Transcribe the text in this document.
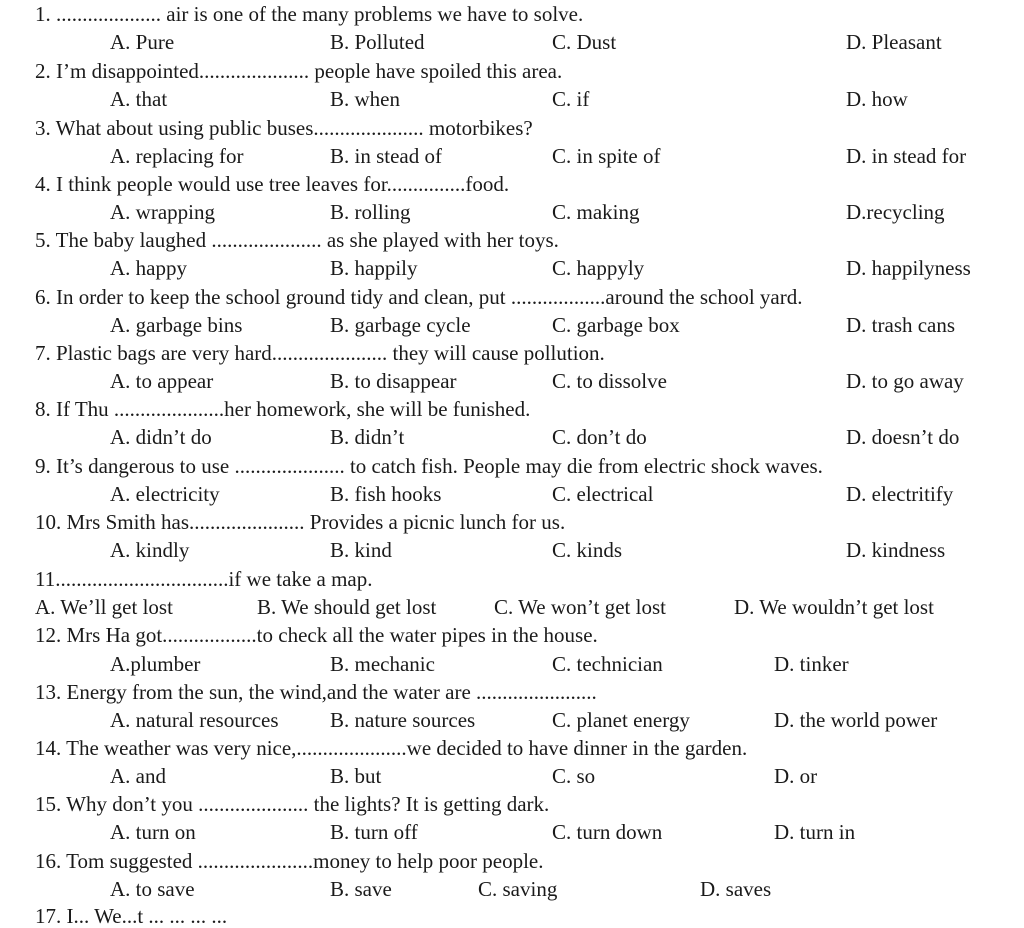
1. .................... air is one of the many problems we have to solve.
A. Pure	B. Polluted	C. Dust	D. Pleasant
2. I’m disappointed..................... people have spoiled this area.
A. that	B. when	C. if	D. how
3. What about using public buses..................... motorbikes?
A. replacing for	B. in stead of	C. in spite of	D. in stead for
4. I think people would use tree leaves for...............food.
A. wrapping	B. rolling	C. making	D.recycling
5. The baby laughed ..................... as she played with her toys.
A. happy	B. happily	C. happyly	D. happilyness
6. In order to keep the school ground tidy and clean, put ..................around the school yard.
A. garbage bins	B. garbage cycle	C. garbage box	D. trash cans
7. Plastic bags are very hard...................... they will cause pollution.
A. to appear	B. to disappear	C. to dissolve	D. to go away
8. If Thu .....................her homework, she will be funished.
A. didn’t do	B. didn’t	C. don’t do	D. doesn’t do
9. It’s dangerous to use ..................... to catch fish. People may die from electric shock waves.
A. electricity	B. fish hooks	C. electrical	D. electritify
10. Mrs Smith has...................... Provides a picnic lunch for us.
A. kindly	B. kind	C. kinds	D. kindness
11.................................if we take a map.
A. We’ll get lost	B. We should get lost	C. We won’t get lost	D. We wouldn’t get lost
12. Mrs Ha got..................to check all the water pipes in the house.
A.plumber	B. mechanic	C. technician	D. tinker
13. Energy from the sun, the wind,and the water are .......................
A. natural resources B. nature sources	C. planet energy	D. the world power
14. The weather was very nice,.....................we decided to have dinner in the garden.
A. and	B. but	C. so	D. or
15. Why don’t you ..................... the lights? It is getting dark.
A. turn on	B. turn off	C. turn down	D. turn in
16. Tom suggested ......................money to help poor people.
A. to save	B. save	C. saving	D. saves
17. I... We...t ... ... ... ...
